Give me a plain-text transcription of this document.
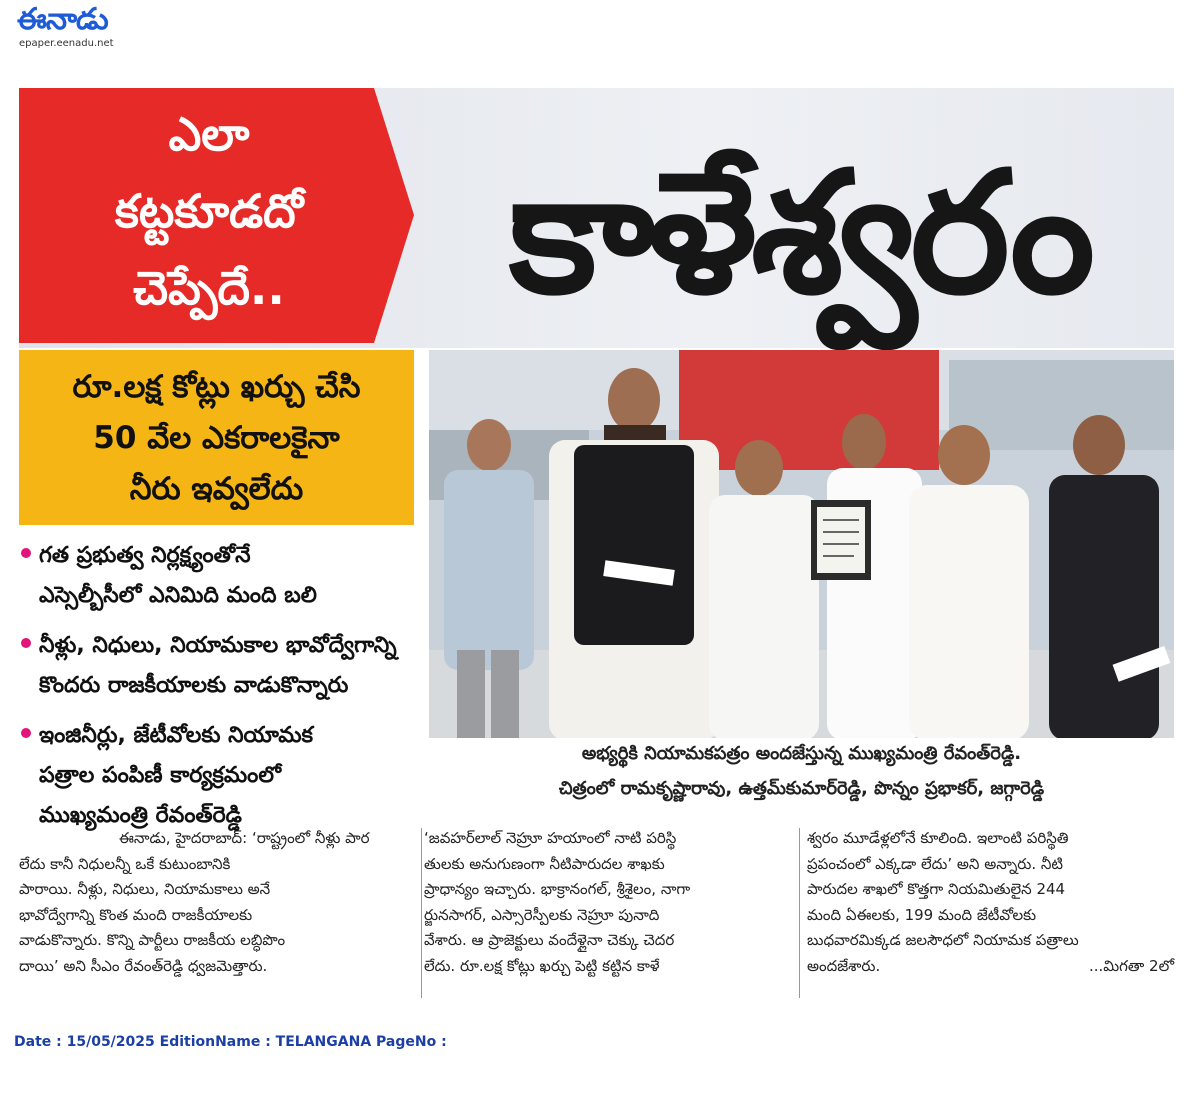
ఈనాడు
epaper.eenadu.net
ఎలా
కట్టకూడదో
చెప్పేదే..	కాళేశ్వరం
రూ.లక్ష కోట్లు ఖర్చు చేసి
50 వేల ఎకరాలకైనా
నీరు ఇవ్వలేదు
అభ్యర్థికి నియామకపత్రం అందజేస్తున్న ముఖ్యమంత్రి రేవంత్‌రెడ్డి.
చిత్రంలో రామకృష్ణారావు, ఉత్తమ్‌కుమార్‌రెడ్డి, పొన్నం ప్రభాకర్, జగ్గారెడ్డి
గత ప్రభుత్వ నిర్లక్ష్యంతోనే
ఎస్సెల్బీసీలో ఎనిమిది మంది బలి
నీళ్లు, నిధులు, నియామకాల భావోద్వేగాన్ని
కొందరు రాజకీయాలకు వాడుకొన్నారు
ఇంజినీర్లు, జేటీవోలకు నియామక
పత్రాల పంపిణీ కార్యక్రమంలో
ముఖ్యమంత్రి రేవంత్‌రెడ్డి
ఈనాడు, హైదరాబాద్: ‘రాష్ట్రంలో నీళ్లు పార
లేదు కానీ నిధులన్నీ ఒకే కుటుంబానికి
పారాయి. నీళ్లు, నిధులు, నియామకాలు అనే
భావోద్వేగాన్ని కొంత మంది రాజకీయాలకు
వాడుకొన్నారు. కొన్ని పార్టీలు రాజకీయ లబ్ధిపొం
దాయి’ అని సీఎం రేవంత్‌రెడ్డి ధ్వజమెత్తారు.
‘జవహర్‌లాల్ నెహ్రూ హయాంలో నాటి పరిస్థి
తులకు అనుగుణంగా నీటిపారుదల శాఖకు
ప్రాధాన్యం ఇచ్చారు. భాక్రానంగల్, శ్రీశైలం, నాగా
ర్జునసాగర్, ఎస్సారెస్పీలకు నెహ్రూ పునాది
వేశారు. ఆ ప్రాజెక్టులు వందేళ్లైనా చెక్కు చెదర
లేదు. రూ.లక్ష కోట్లు ఖర్చు పెట్టి కట్టిన కాళే
శ్వరం మూడేళ్లలోనే కూలింది. ఇలాంటి పరిస్థితి
ప్రపంచంలో ఎక్కడా లేదు’ అని అన్నారు. నీటి
పారుదల శాఖలో కొత్తగా నియమితులైన 244
మంది ఏఈలకు, 199 మంది జేటీవోలకు
బుధవారమిక్కడ జలసౌధలో నియామక పత్రాలు
అందజేశారు.	...మిగతా 2లో
Date : 15/05/2025 EditionName : TELANGANA PageNo :
